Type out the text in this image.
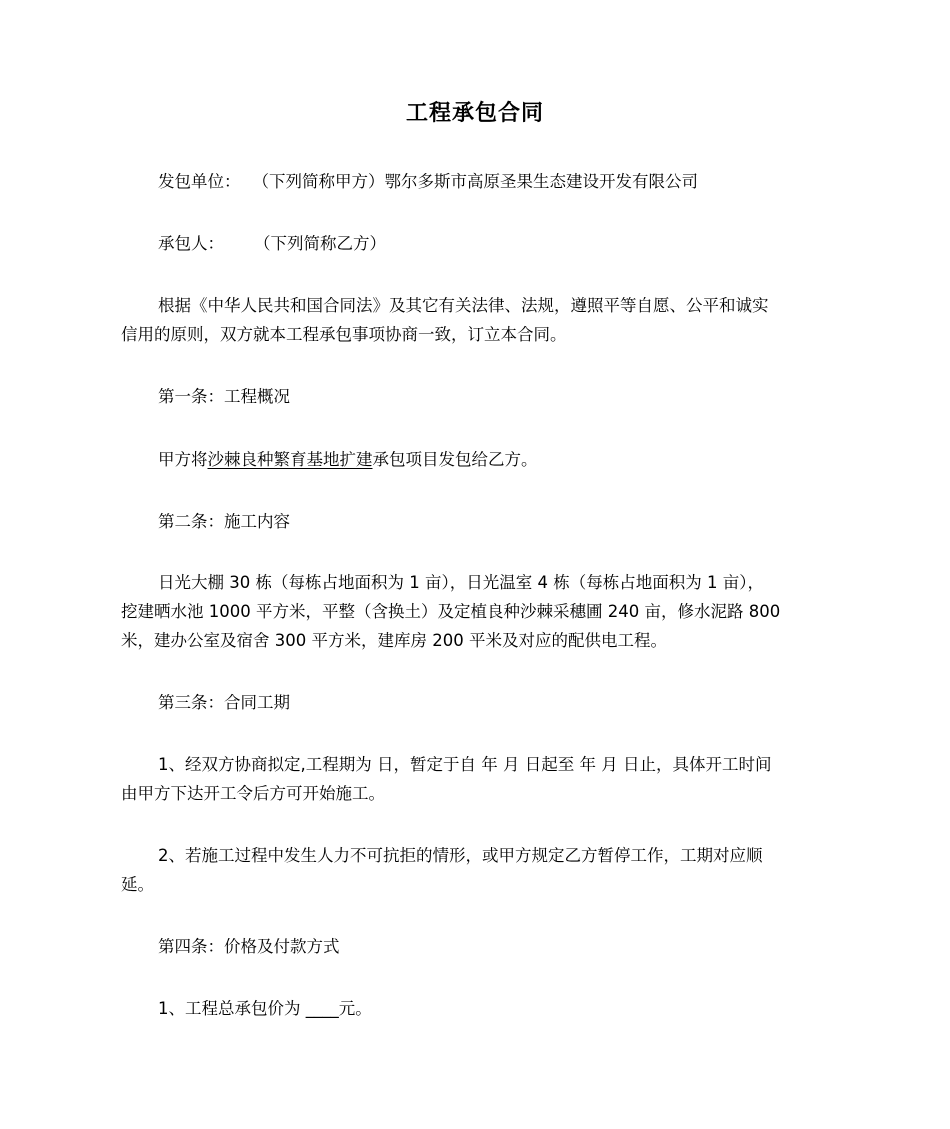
工程承包合同
发包单位： （下列简称甲方）鄂尔多斯市高原圣果生态建设开发有限公司
承包人： （下列简称乙方）
根据《中华人民共和国合同法》及其它有关法律、法规，遵照平等自愿、公平和诚实
信用的原则，双方就本工程承包事项协商一致，订立本合同。
第一条：工程概况
甲方将沙棘良种繁育基地扩建承包项目发包给乙方。
第二条：施工内容
日光大棚 30 栋（每栋占地面积为 1 亩），日光温室 4 栋（每栋占地面积为 1 亩），
挖建晒水池 1000 平方米，平整（含换土）及定植良种沙棘采穗圃 240 亩，修水泥路 800
米，建办公室及宿舍 300 平方米，建库房 200 平米及对应的配供电工程。
第三条：合同工期
1、经双方协商拟定,工程期为 日，暂定于自 年 月 日起至 年 月 日止，具体开工时间
由甲方下达开工令后方可开始施工。
2、若施工过程中发生人力不可抗拒的情形，或甲方规定乙方暂停工作，工期对应顺
延。
第四条：价格及付款方式
1、工程总承包价为 ____元。
